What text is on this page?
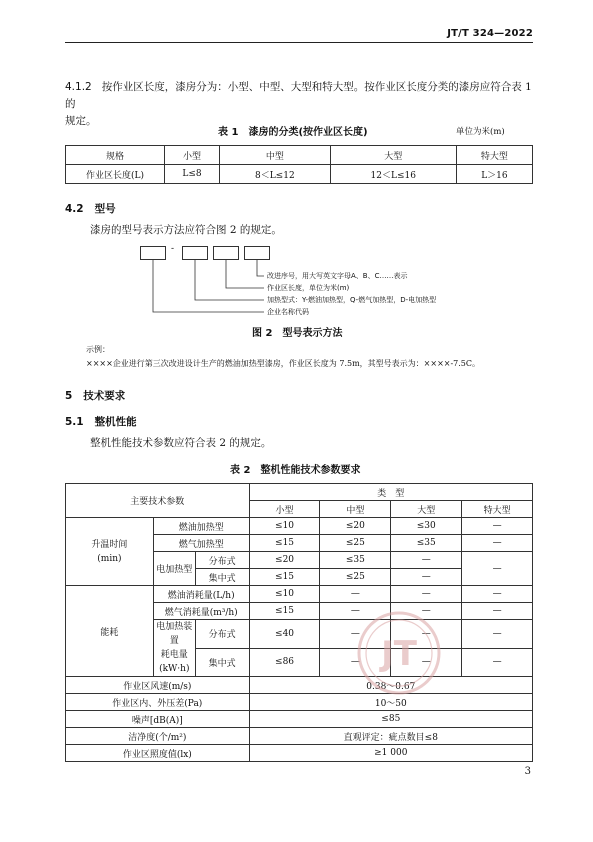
JT/T 324—2022
4.1.2 按作业区长度，漆房分为：小型、中型、大型和特大型。按作业区长度分类的漆房应符合表 1 的
规定。
表 1　漆房的分类(按作业区长度)	单位为米(m)
规格	小型	中型	大型	特大型
作业区长度(L)	L≤8	8＜L≤12	12＜L≤16	L＞16
4.2 型号
漆房的型号表示方法应符合图 2 的规定。
-
改进序号，用大写英文字母A、B、C……表示
作业区长度，单位为米(m)
加热型式：Y-燃油加热型，Q-燃气加热型，D-电加热型
企业名称代码
图 2　型号表示方法
示例：
××××企业进行第三次改进设计生产的燃油加热型漆房，作业区长度为 7.5m，其型号表示为：××××-7.5C。
5 技术要求
5.1 整机性能
整机性能技术参数应符合表 2 的规定。
表 2　整机性能技术参数要求
主要技术参数			类　型			
			小型	中型	大型	特大型
升温时间
(min)	燃油加热型		≤10	≤20	≤30	—
	燃气加热型		≤15	≤25	≤35	—
	电加热型	分布式	≤20	≤35	—	—
		集中式	≤15	≤25	—	
能耗	燃油消耗量(L/h)		≤10	—	—	—
	燃气消耗量(m³/h)		≤15	—	—	—
	电加热装置
耗电量(kW·h)	分布式	≤40	—	—	—
		集中式	≤86	—	—	—
作业区风速(m/s)			0.38～0.67			
作业区内、外压差(Pa)			10～50			
噪声[dB(A)]			≤85			
洁净度(个/m²)			直观评定：疵点数目≤8			
作业区照度值(lx)			≥1 000			
JT
3
